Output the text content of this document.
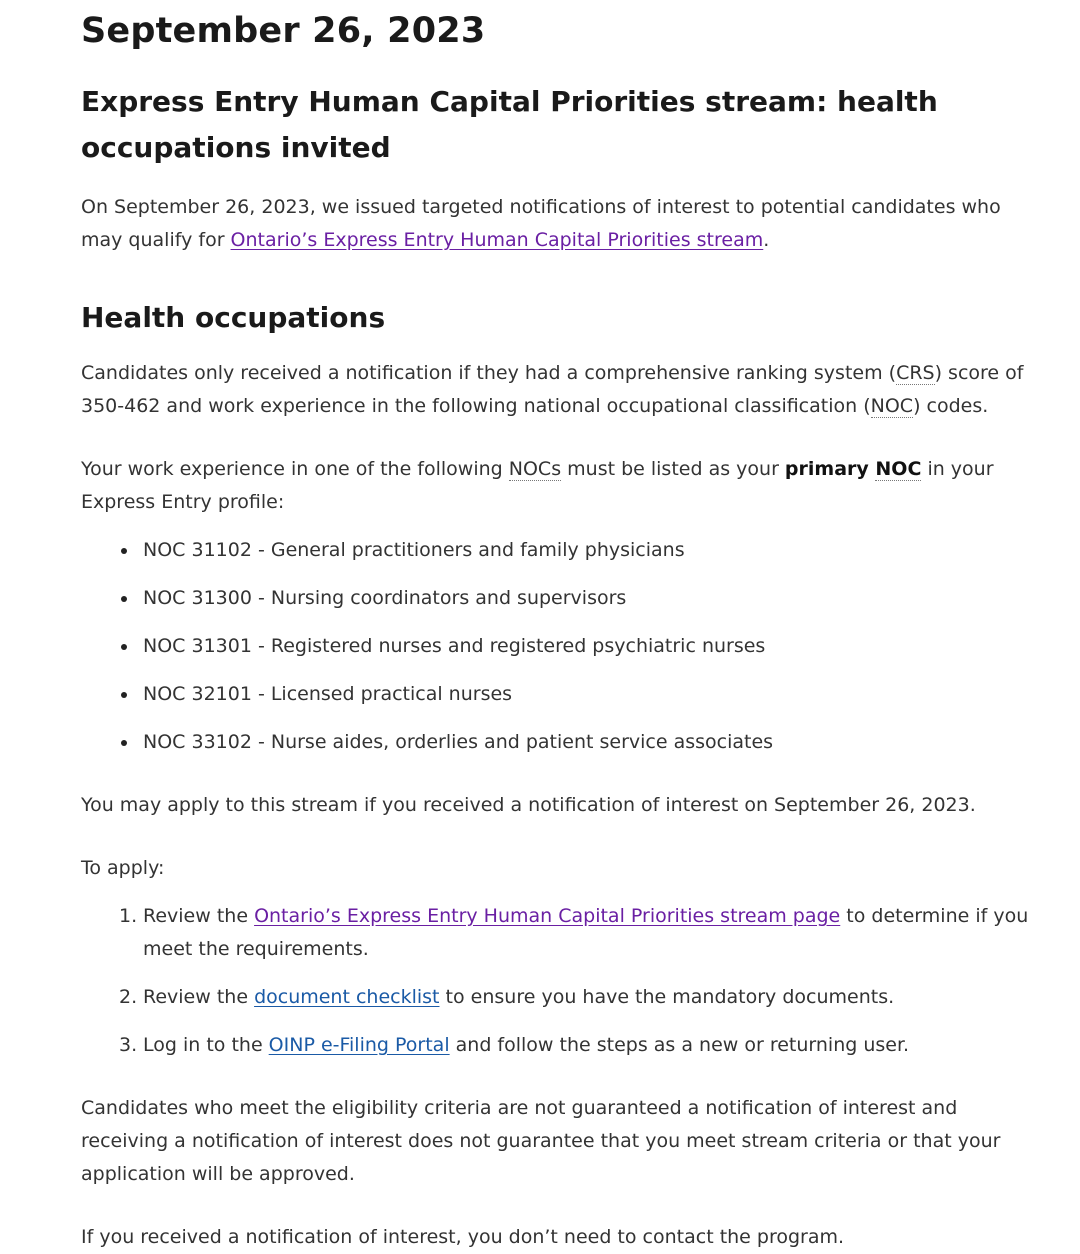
September 26, 2023
Express Entry Human Capital Priorities stream: health occupations invited

On September 26, 2023, we issued targeted notifications of interest to potential candidates who may qualify for Ontario’s Express Entry Human Capital Priorities stream.

Health occupations

Candidates only received a notification if they had a comprehensive ranking system (CRS) score of 350-462 and work experience in the following national occupational classification (NOC) codes.

Your work experience in one of the following NOCs must be listed as your primary NOC in your Express Entry profile:

NOC 31102 - General practitioners and family physicians
NOC 31300 - Nursing coordinators and supervisors
NOC 31301 - Registered nurses and registered psychiatric nurses
NOC 32101 - Licensed practical nurses
NOC 33102 - Nurse aides, orderlies and patient service associates

You may apply to this stream if you received a notification of interest on September 26, 2023.

To apply:

1. Review the Ontario’s Express Entry Human Capital Priorities stream page to determine if you meet the requirements.
2. Review the document checklist to ensure you have the mandatory documents.
3. Log in to the OINP e-Filing Portal and follow the steps as a new or returning user.

Candidates who meet the eligibility criteria are not guaranteed a notification of interest and receiving a notification of interest does not guarantee that you meet stream criteria or that your application will be approved.

If you received a notification of interest, you don’t need to contact the program.
